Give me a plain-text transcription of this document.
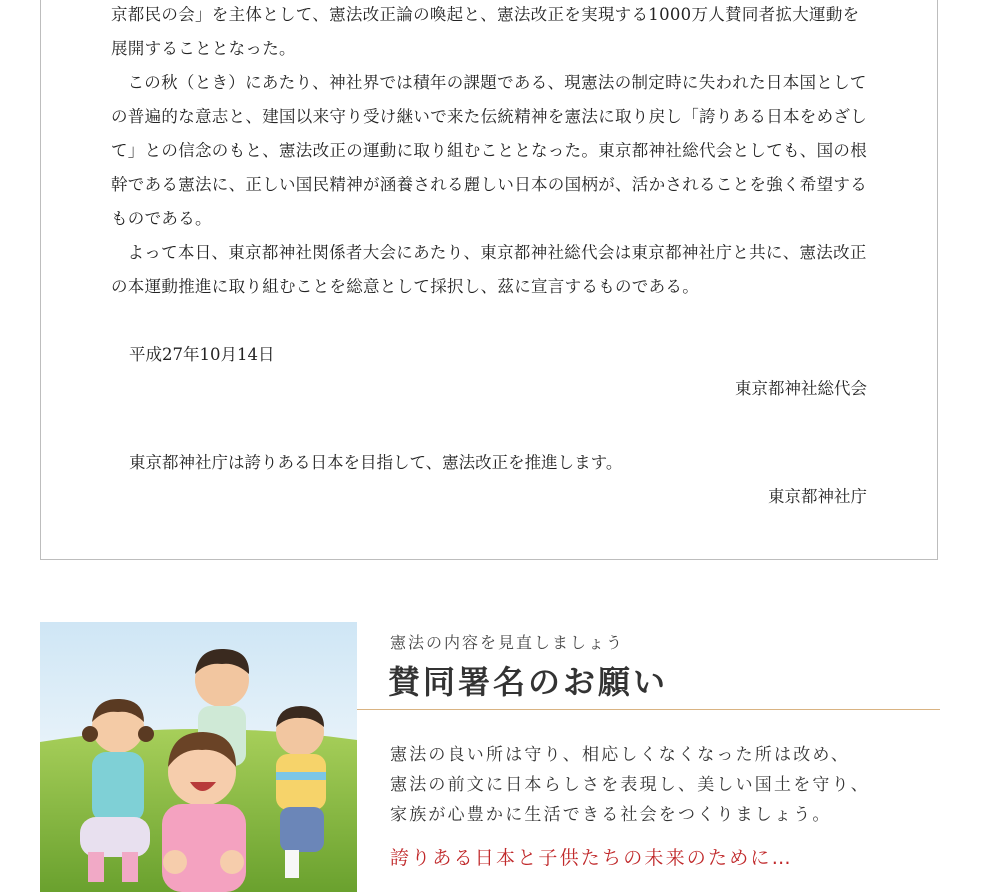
京都民の会」を主体として、憲法改正論の喚起と、憲法改正を実現する1000万人賛同者拡大運動を展開することとなった。

この秋（とき）にあたり、神社界では積年の課題である、現憲法の制定時に失われた日本国としての普遍的な意志と、建国以来守り受け継いで来た伝統精神を憲法に取り戻し「誇りある日本をめざして」との信念のもと、憲法改正の運動に取り組むこととなった。東京都神社総代会としても、国の根幹である憲法に、正しい国民精神が涵養される麗しい日本の国柄が、活かされることを強く希望するものである。

よって本日、東京都神社関係者大会にあたり、東京都神社総代会は東京都神社庁と共に、憲法改正の本運動推進に取り組むことを総意として採択し、茲に宣言するものである。

平成27年10月14日
東京都神社総代会
東京都神社庁は誇りある日本を目指して、憲法改正を推進します。
東京都神社庁
憲法の内容を見直しましょう
賛同署名のお願い
憲法の良い所は守り、相応しくなくなった所は改め、
憲法の前文に日本らしさを表現し、美しい国土を守り、
家族が心豊かに生活できる社会をつくりましょう。
誇りある日本と子供たちの未来のために…
